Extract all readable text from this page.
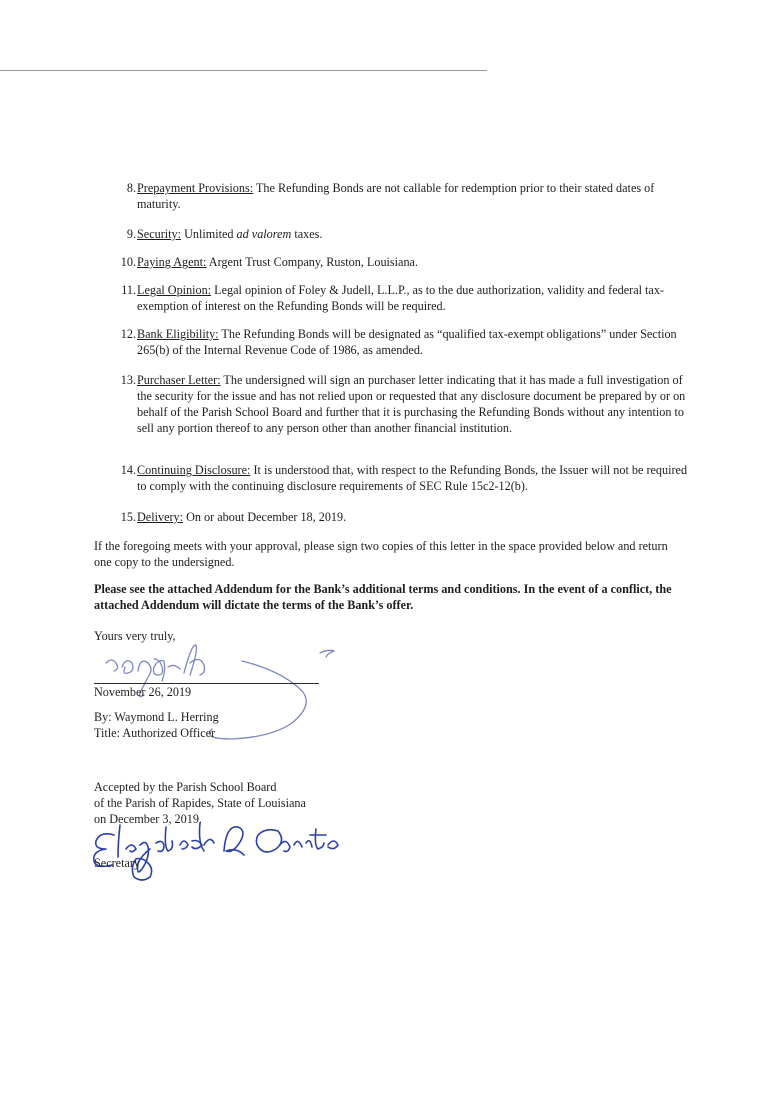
8. Prepayment Provisions: The Refunding Bonds are not callable for redemption prior to their stated dates of maturity.
9. Security: Unlimited ad valorem taxes.
10. Paying Agent: Argent Trust Company, Ruston, Louisiana.
11. Legal Opinion: Legal opinion of Foley & Judell, L.L.P., as to the due authorization, validity and federal tax-exemption of interest on the Refunding Bonds will be required.
12. Bank Eligibility: The Refunding Bonds will be designated as “qualified tax-exempt obligations” under Section 265(b) of the Internal Revenue Code of 1986, as amended.
13. Purchaser Letter: The undersigned will sign an purchaser letter indicating that it has made a full investigation of the security for the issue and has not relied upon or requested that any disclosure document be prepared by or on behalf of the Parish School Board and further that it is purchasing the Refunding Bonds without any intention to sell any portion thereof to any person other than another financial institution.
14. Continuing Disclosure: It is understood that, with respect to the Refunding Bonds, the Issuer will not be required to comply with the continuing disclosure requirements of SEC Rule 15c2-12(b).
15. Delivery: On or about December 18, 2019.
If the foregoing meets with your approval, please sign two copies of this letter in the space provided below and return one copy to the undersigned.
Please see the attached Addendum for the Bank’s additional terms and conditions. In the event of a conflict, the attached Addendum will dictate the terms of the Bank’s offer.
Yours very truly,
November 26, 2019
By: Waymond L. Herring
Title: Authorized Officer
Accepted by the Parish School Board
of the Parish of Rapides, State of Louisiana
on December 3, 2019.
Secretary
